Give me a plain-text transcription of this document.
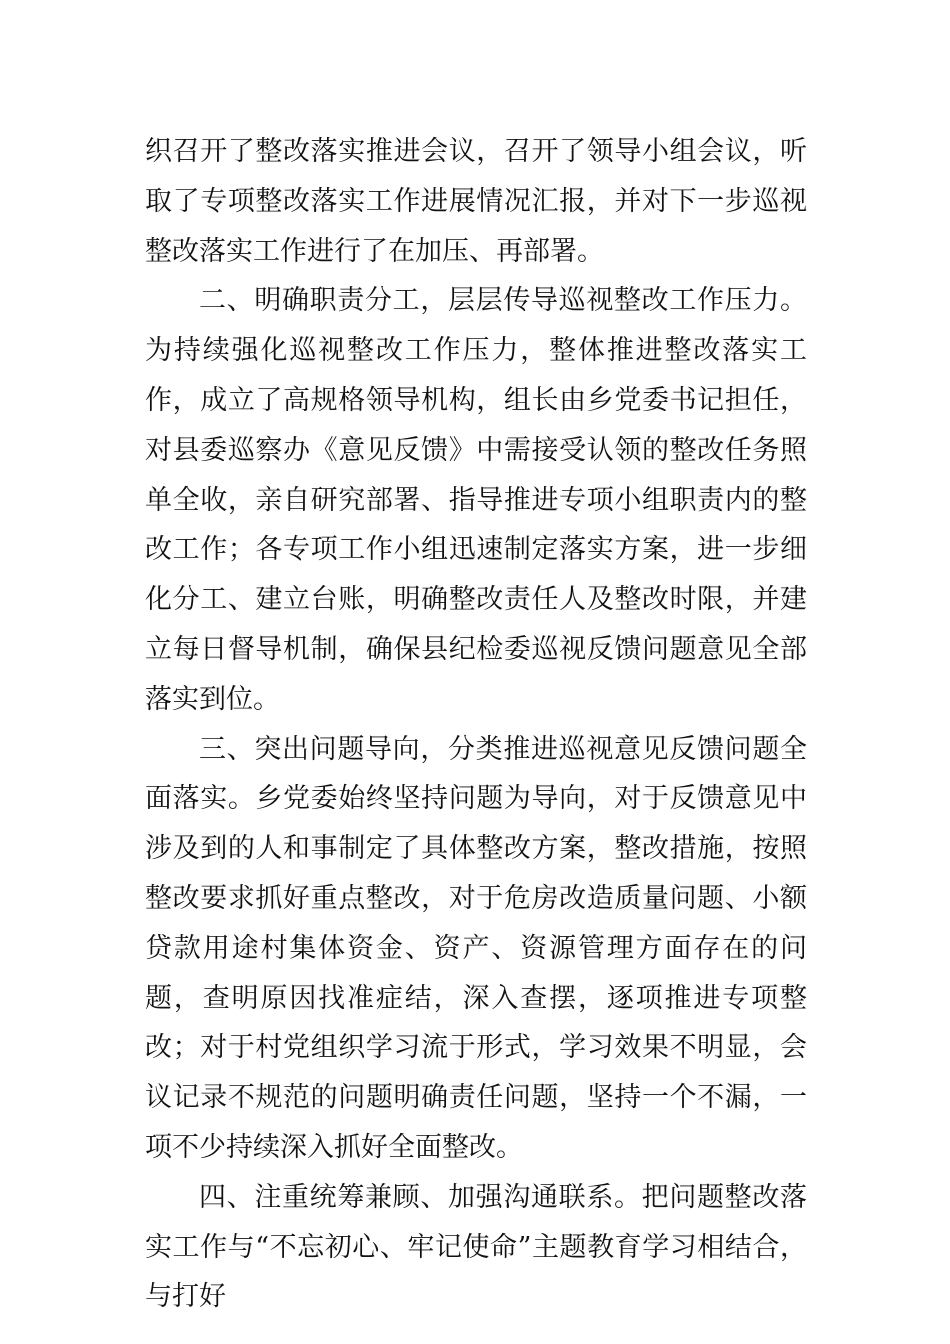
织召开了整改落实推进会议，召开了领导小组会议，听取了专项整改落实工作进展情况汇报，并对下一步巡视整改落实工作进行了在加压、再部署。

二、明确职责分工，层层传导巡视整改工作压力。为持续强化巡视整改工作压力，整体推进整改落实工作，成立了高规格领导机构，组长由乡党委书记担任，对县委巡察办《意见反馈》中需接受认领的整改任务照单全收，亲自研究部署、指导推进专项小组职责内的整改工作；各专项工作小组迅速制定落实方案，进一步细化分工、建立台账，明确整改责任人及整改时限，并建立每日督导机制，确保县纪检委巡视反馈问题意见全部落实到位。

三、突出问题导向，分类推进巡视意见反馈问题全面落实。乡党委始终坚持问题为导向，对于反馈意见中涉及到的人和事制定了具体整改方案，整改措施，按照整改要求抓好重点整改，对于危房改造质量问题、小额贷款用途村集体资金、资产、资源管理方面存在的问题，查明原因找准症结，深入查摆，逐项推进专项整改；对于村党组织学习流于形式，学习效果不明显，会议记录不规范的问题明确责任问题，坚持一个不漏，一项不少持续深入抓好全面整改。

四、注重统筹兼顾、加强沟通联系。把问题整改落实工作与“不忘初心、牢记使命”主题教育学习相结合，与打好
